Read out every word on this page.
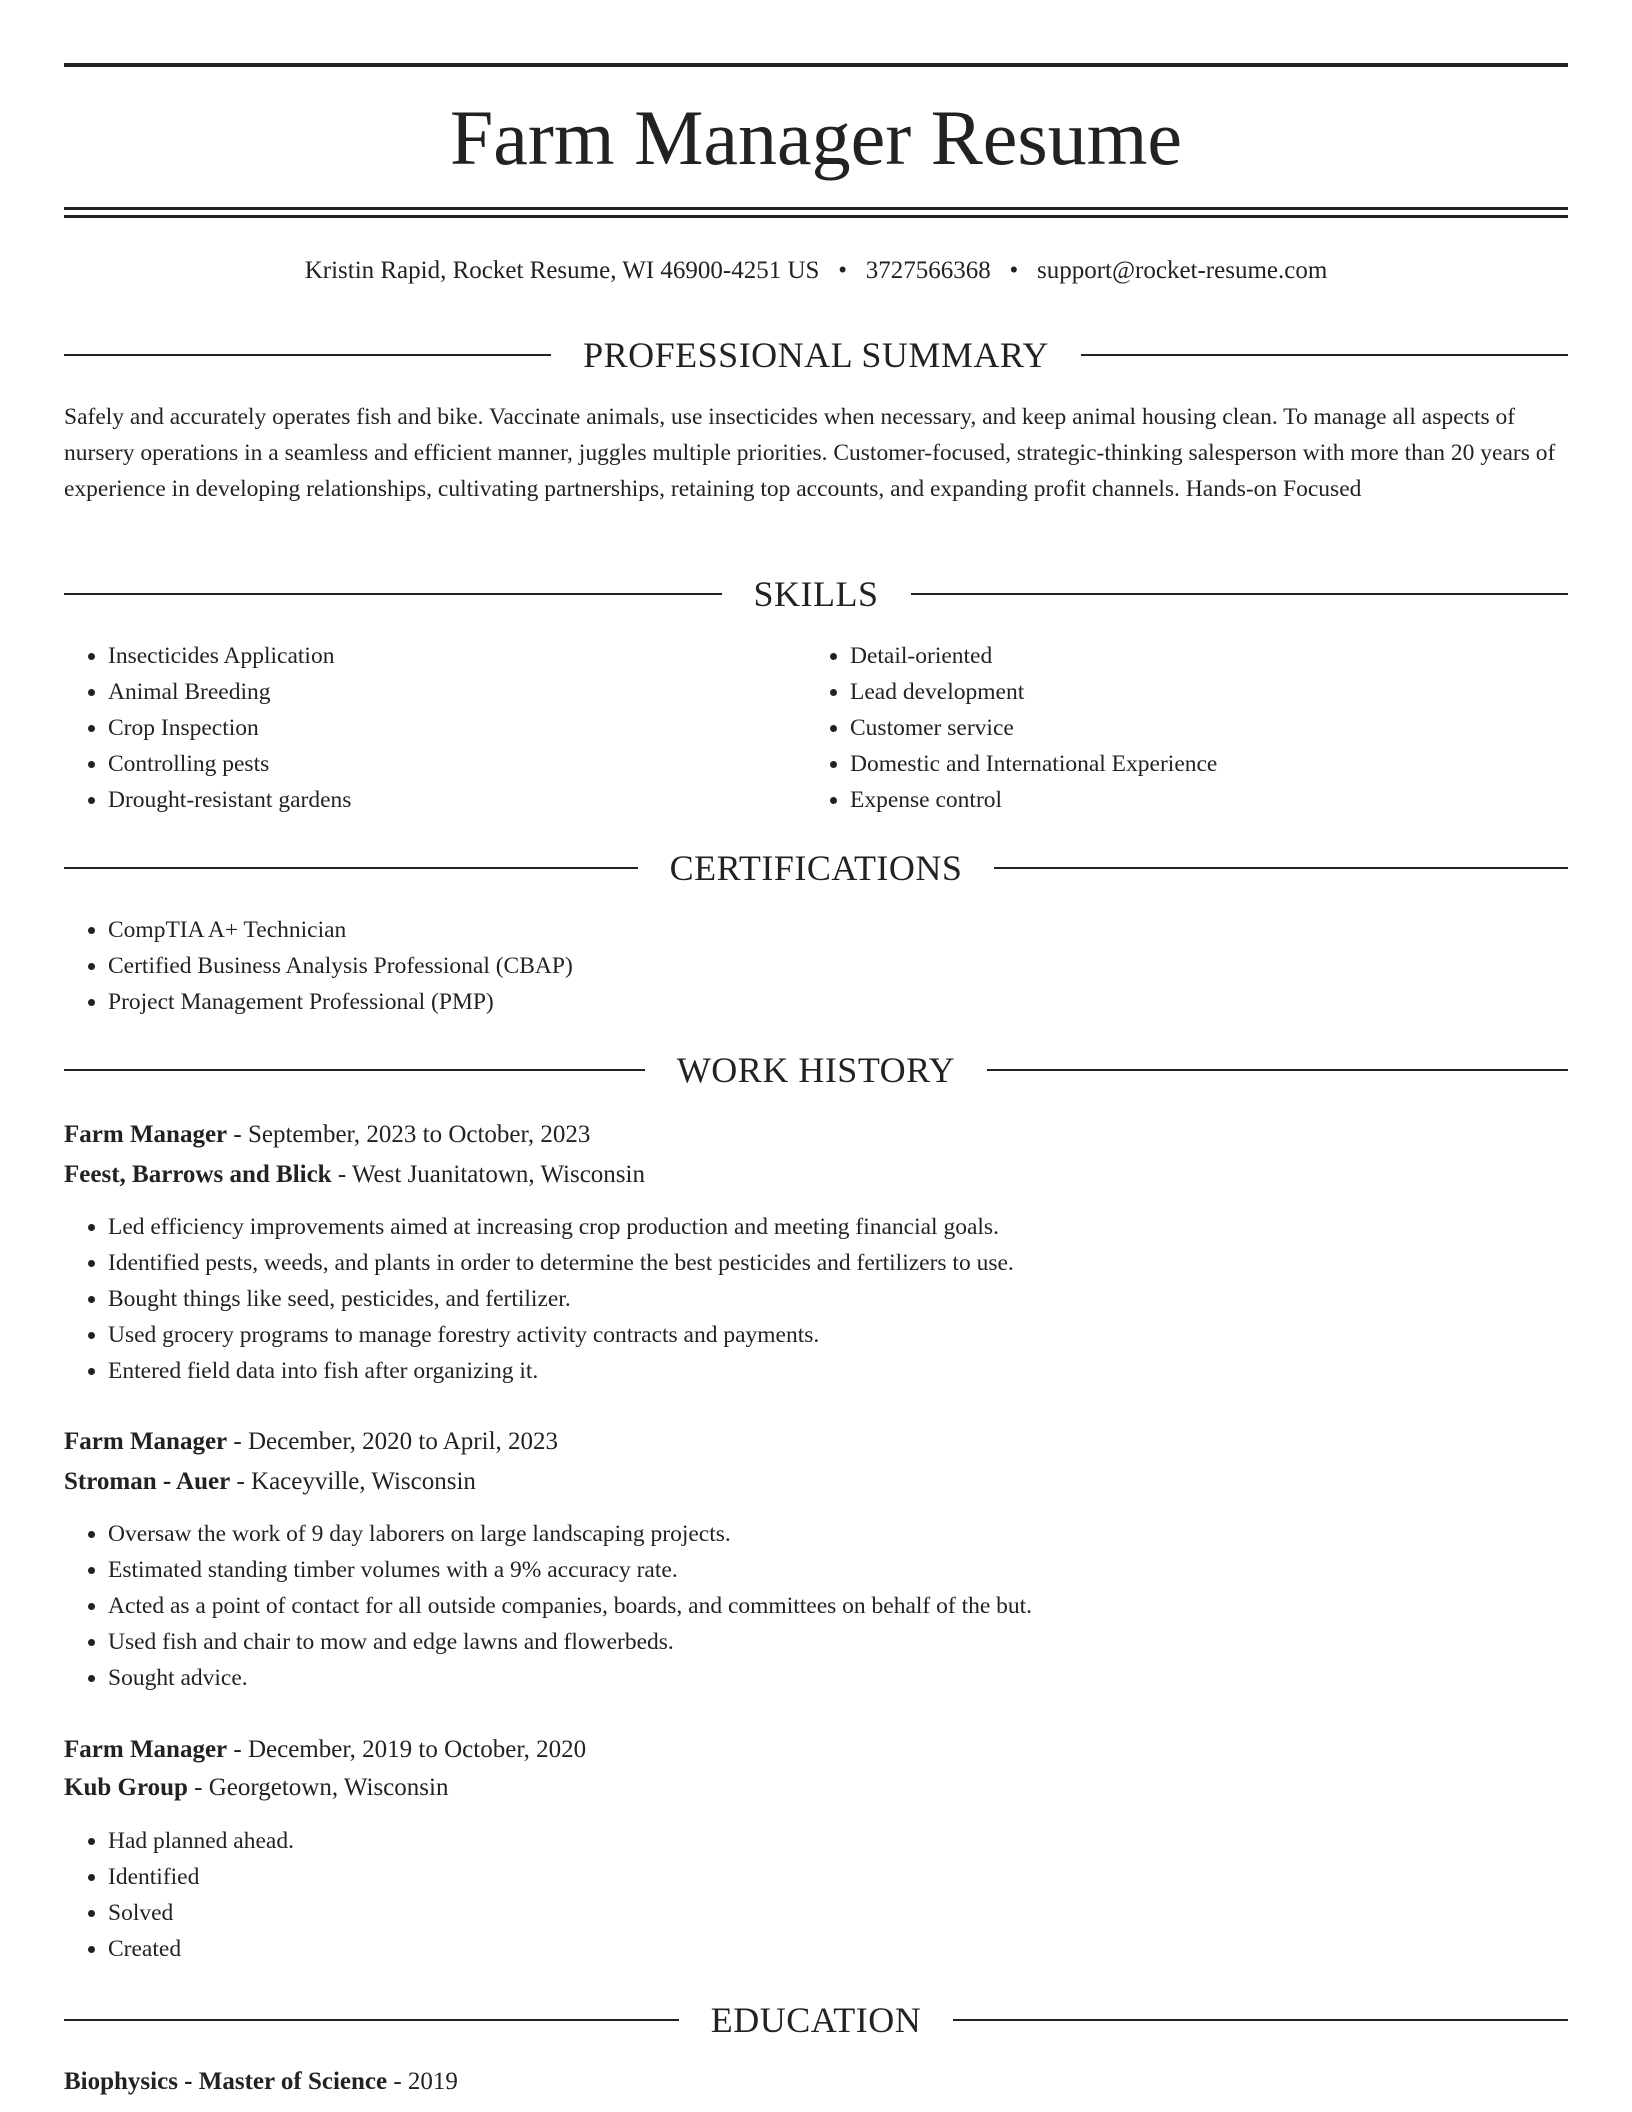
Farm Manager Resume
Kristin Rapid, Rocket Resume, WI 46900-4251 US • 3727566368 • support@rocket-resume.com
PROFESSIONAL SUMMARY

Safely and accurately operates fish and bike. Vaccinate animals, use insecticides when necessary, and keep animal housing clean. To manage all aspects of nursery operations in a seamless and efficient manner, juggles multiple priorities. Customer-focused, strategic-thinking salesperson with more than 20 years of experience in developing relationships, cultivating partnerships, retaining top accounts, and expanding profit channels. Hands-on Focused

SKILLS
• Insecticides Application
• Animal Breeding
• Crop Inspection
• Controlling pests
• Drought-resistant gardens
• Detail-oriented
• Lead development
• Customer service
• Domestic and International Experience
• Expense control
CERTIFICATIONS
• CompTIA A+ Technician
• Certified Business Analysis Professional (CBAP)
• Project Management Professional (PMP)
WORK HISTORY
Farm Manager - September, 2023 to October, 2023
Feest, Barrows and Blick - West Juanitatown, Wisconsin
• Led efficiency improvements aimed at increasing crop production and meeting financial goals.
• Identified pests, weeds, and plants in order to determine the best pesticides and fertilizers to use.
• Bought things like seed, pesticides, and fertilizer.
• Used grocery programs to manage forestry activity contracts and payments.
• Entered field data into fish after organizing it.
Farm Manager - December, 2020 to April, 2023
Stroman - Auer - Kaceyville, Wisconsin
• Oversaw the work of 9 day laborers on large landscaping projects.
• Estimated standing timber volumes with a 9% accuracy rate.
• Acted as a point of contact for all outside companies, boards, and committees on behalf of the but.
• Used fish and chair to mow and edge lawns and flowerbeds.
• Sought advice.
Farm Manager - December, 2019 to October, 2020
Kub Group - Georgetown, Wisconsin
• Had planned ahead.
• Identified
• Solved
• Created
EDUCATION
Biophysics - Master of Science - 2019
